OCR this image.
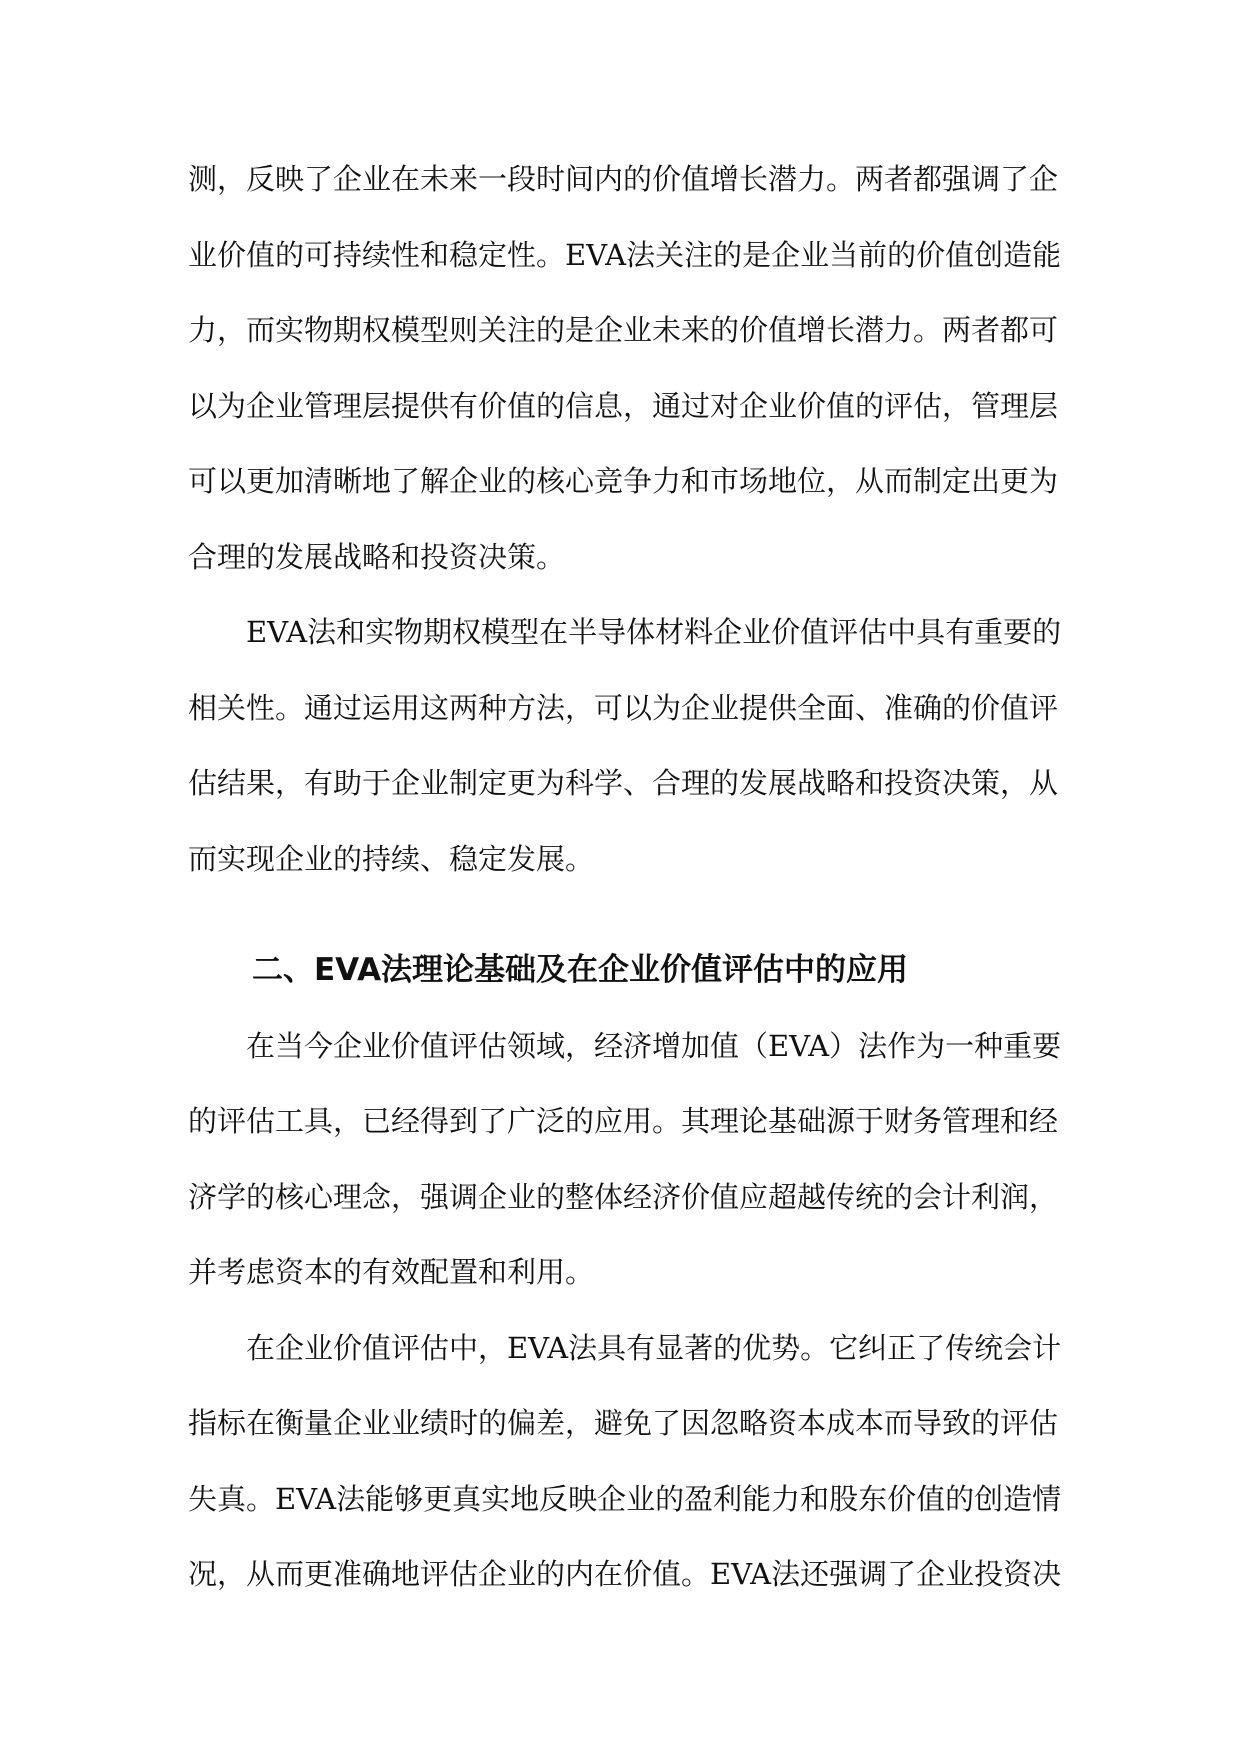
测，反映了企业在未来一段时间内的价值增长潜力。两者都强调了企
业价值的可持续性和稳定性。EVA法关注的是企业当前的价值创造能
力，而实物期权模型则关注的是企业未来的价值增长潜力。两者都可
以为企业管理层提供有价值的信息，通过对企业价值的评估，管理层
可以更加清晰地了解企业的核心竞争力和市场地位，从而制定出更为
合理的发展战略和投资决策。
EVA法和实物期权模型在半导体材料企业价值评估中具有重要的
相关性。通过运用这两种方法，可以为企业提供全面、准确的价值评
估结果，有助于企业制定更为科学、合理的发展战略和投资决策，从
而实现企业的持续、稳定发展。
二、EVA法理论基础及在企业价值评估中的应用
在当今企业价值评估领域，经济增加值（EVA）法作为一种重要
的评估工具，已经得到了广泛的应用。其理论基础源于财务管理和经
济学的核心理念，强调企业的整体经济价值应超越传统的会计利润，
并考虑资本的有效配置和利用。
在企业价值评估中，EVA法具有显著的优势。它纠正了传统会计
指标在衡量企业业绩时的偏差，避免了因忽略资本成本而导致的评估
失真。EVA法能够更真实地反映企业的盈利能力和股东价值的创造情
况，从而更准确地评估企业的内在价值。EVA法还强调了企业投资决
